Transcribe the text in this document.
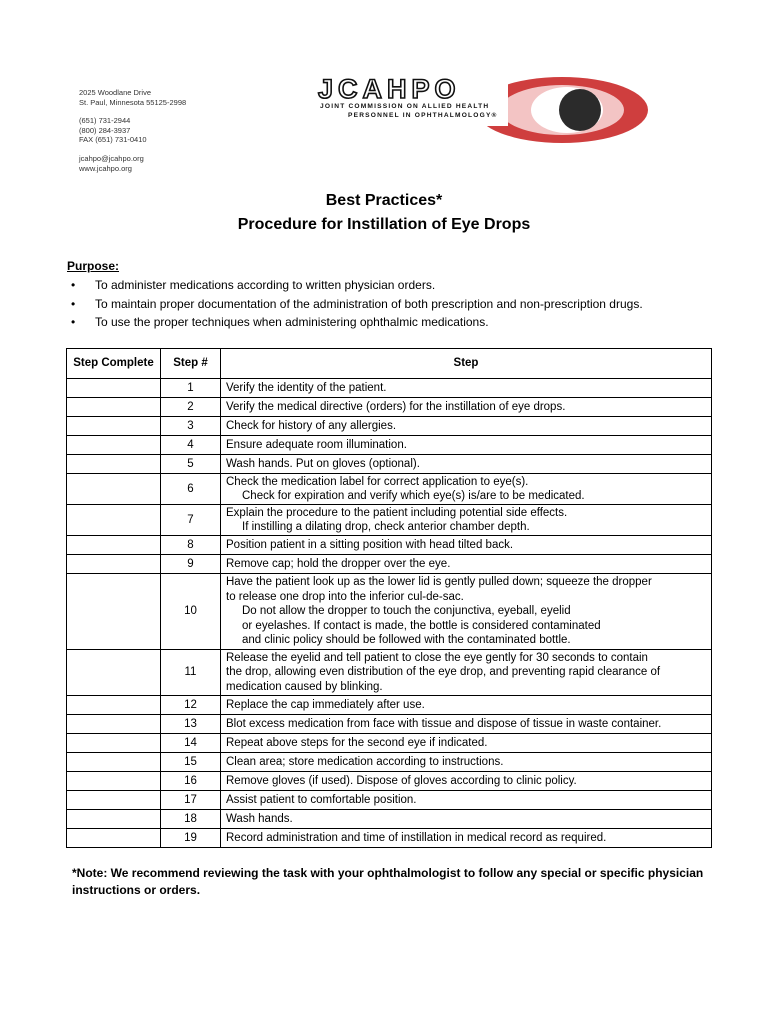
2025 Woodlane Drive
St. Paul, Minnesota 55125-2998
(651) 731-2944
(800) 284-3937
FAX (651) 731-0410
jcahpo@jcahpo.org
www.jcahpo.org
JCAHPO
JOINT COMMISSION ON ALLIED HEALTH
PERSONNEL IN OPHTHALMOLOGY®
Best Practices*
Procedure for Instillation of Eye Drops
Purpose:
• To administer medications according to written physician orders.
• To maintain proper documentation of the administration of both prescription and non-prescription drugs.
• To use the proper techniques when administering ophthalmic medications.
Step Complete	Step #	Step
	1	Verify the identity of the patient.

	2	Verify the medical directive (orders) for the instillation of eye drops.

	3	Check for history of any allergies.

	4	Ensure adequate room illumination.

	5	Wash hands. Put on gloves (optional).

	6	Check the medication label for correct application to eye(s).
Check for expiration and verify which eye(s) is/are to be medicated.

	7	Explain the procedure to the patient including potential side effects.
If instilling a dilating drop, check anterior chamber depth.

	8	Position patient in a sitting position with head tilted back.

	9	Remove cap; hold the dropper over the eye.

	10	Have the patient look up as the lower lid is gently pulled down; squeeze the dropper
to release one drop into the inferior cul-de-sac.
Do not allow the dropper to touch the conjunctiva, eyeball, eyelid
or eyelashes. If contact is made, the bottle is considered contaminated
and clinic policy should be followed with the contaminated bottle.

	11	Release the eyelid and tell patient to close the eye gently for 30 seconds to contain
the drop, allowing even distribution of the eye drop, and preventing rapid clearance of
medication caused by blinking.

	12	Replace the cap immediately after use.

	13	Blot excess medication from face with tissue and dispose of tissue in waste container.

	14	Repeat above steps for the second eye if indicated.

	15	Clean area; store medication according to instructions.

	16	Remove gloves (if used). Dispose of gloves according to clinic policy.

	17	Assist patient to comfortable position.

	18	Wash hands.

	19	Record administration and time of instillation in medical record as required.
*Note: We recommend reviewing the task with your ophthalmologist to follow any special or specific physician instructions or orders.
